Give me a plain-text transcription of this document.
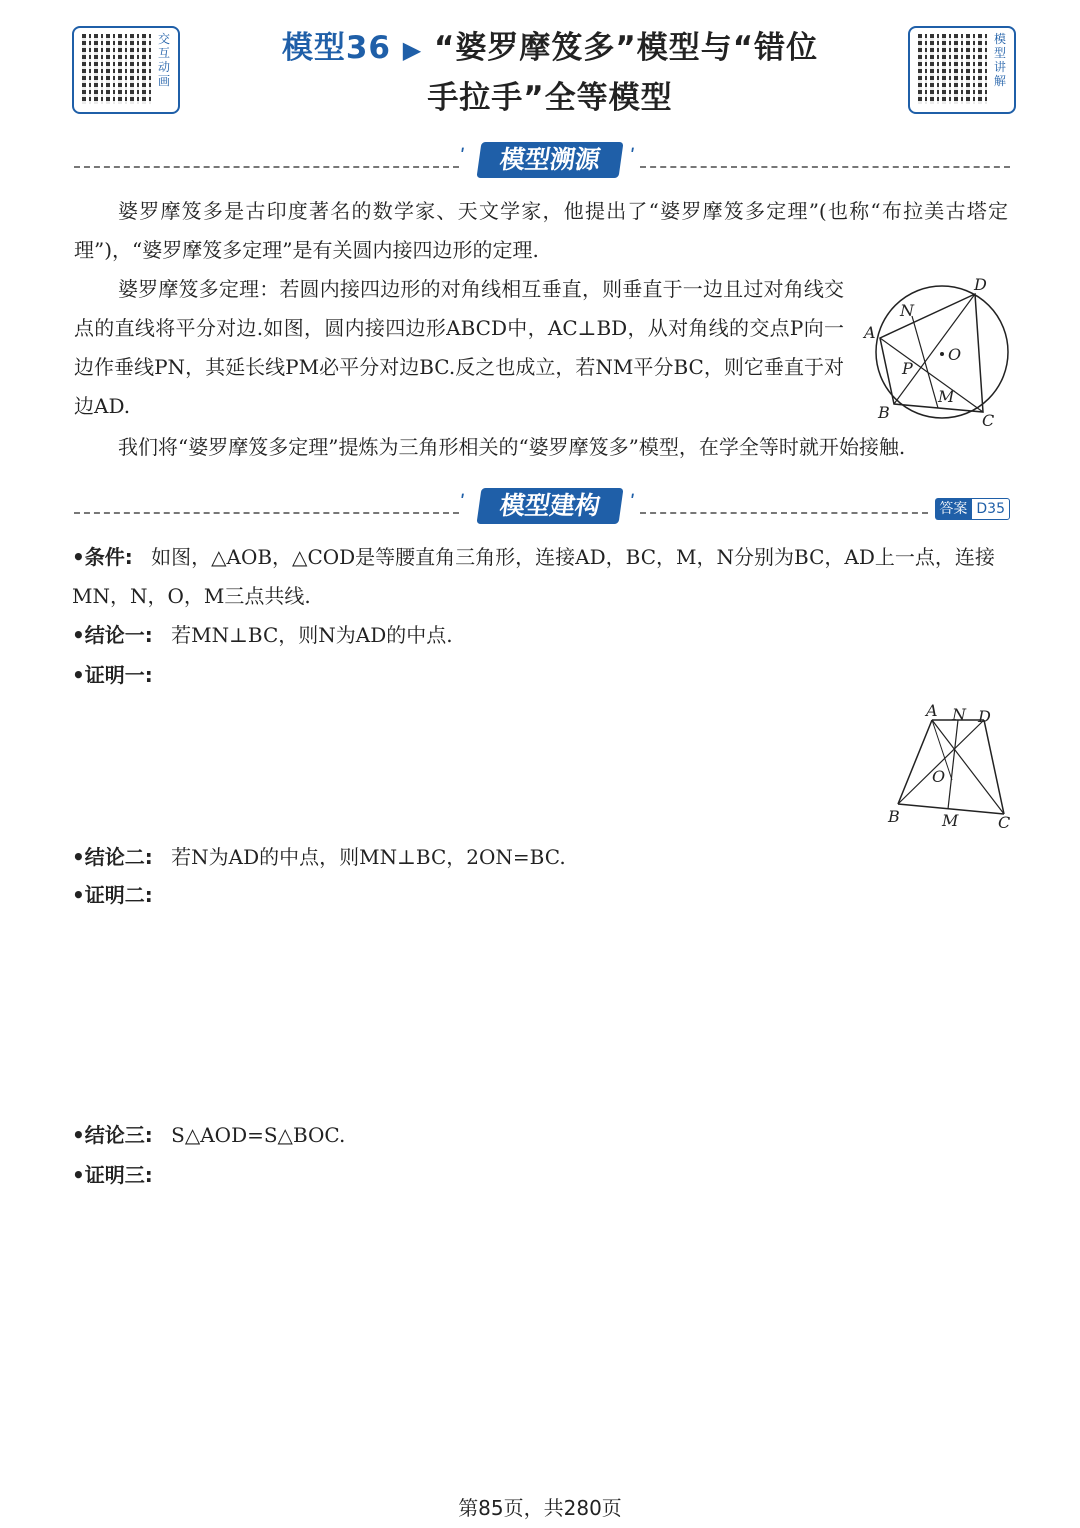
交互动画
模型讲解
模型36 ▶ “婆罗摩笈多”模型与“错位
手拉手”全等模型
ʹ	模型溯源	ʹ
婆罗摩笈多是古印度著名的数学家、天文学家，他提出了“婆罗摩笈多定理”(也称“布拉美古塔定理”)，“婆罗摩笈多定理”是有关圆内接四边形的定理.
婆罗摩笈多定理：若圆内接四边形的对角线相互垂直，则垂直于一边且过对角线交点的直线将平分对边.如图，圆内接四边形ABCD中，AC⊥BD，从对角线的交点P向一边作垂线PN，其延长线PM必平分对边BC.反之也成立，若NM平分BC，则它垂直于对边AD.
我们将“婆罗摩笈多定理”提炼为三角形相关的“婆罗摩笈多”模型，在学全等时就开始接触.
D
N
A
O
P
M
B	C
ʹ	模型建构	ʹ	答案 D35
•条件: 如图，△AOB，△COD是等腰直角三角形，连接AD，BC，M，N分别为BC，AD上一点，连接MN，N，O，M三点共线.
•结论一: 若MN⊥BC，则N为AD的中点.
•证明一:
A N D
O
B	M C
•结论二: 若N为AD的中点，则MN⊥BC，2ON=BC.
•证明二:
•结论三: S△AOD=S△BOC.
•证明三:
第85页，共280页
